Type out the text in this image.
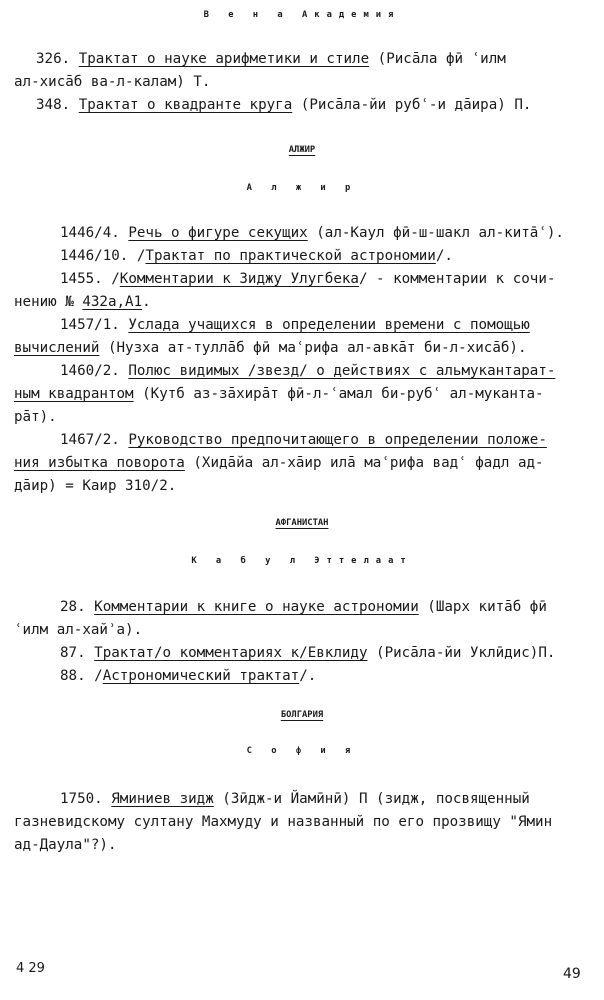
В е н а Академия
326. Трактат о науке арифметики и стиле (Рисāла фӣ ʿилм
ал-хисāб ва-л-калам) Т.
348. Трактат о квадранте круга (Рисāла-йи рубʿ-и дāира) П.
АЛЖИР
А л ж и р
1446/4. Речь о фигуре секущих (ал-Каул фӣ-ш-шакл ал-кита̄ʿ).
1446/10. /Трактат по практической астрономии/.
1455. /Комментарии к Зиджу Улугбека/ - комментарии к сочи-
нению № 432а,А1.
1457/1. Услада учащихся в определении времени с помощью
вычислений (Нузха ат-туллāб фӣ маʿрифа ал-авкāт би-л-хисāб).
1460/2. Полюс видимых /звезд/ о действиях с альмукантарат-
ным квадрантом (Кутб аз-зāхирāт фӣ-л-ʿамал би-рубʿ ал-муканта-
рāт).
1467/2. Руководство предпочитающего в определении положе-
ния избытка поворота (Хидāйа ал-хāир илā маʿрифа вадʿ фадл ад-
дāир) = Каир 310/2.
АФГАНИСТАН
К а б у л Эттелаат
28. Комментарии к книге о науке астрономии (Шарх китāб фӣ
ʿилм ал-хайʾа).
87. Трактат/о комментариях к/Евклиду (Рисāла-йи Уклӣдис)П.
88. /Астрономический трактат/.
БОЛГАРИЯ
С о ф и я
1750. Яминиев зидж (Зӣдж-и Йамӣнӣ) П (зидж, посвященный
газневидскому султану Махмуду и названный по его прозвищу "Ямин
ад-Даула"?).
4 29	49
